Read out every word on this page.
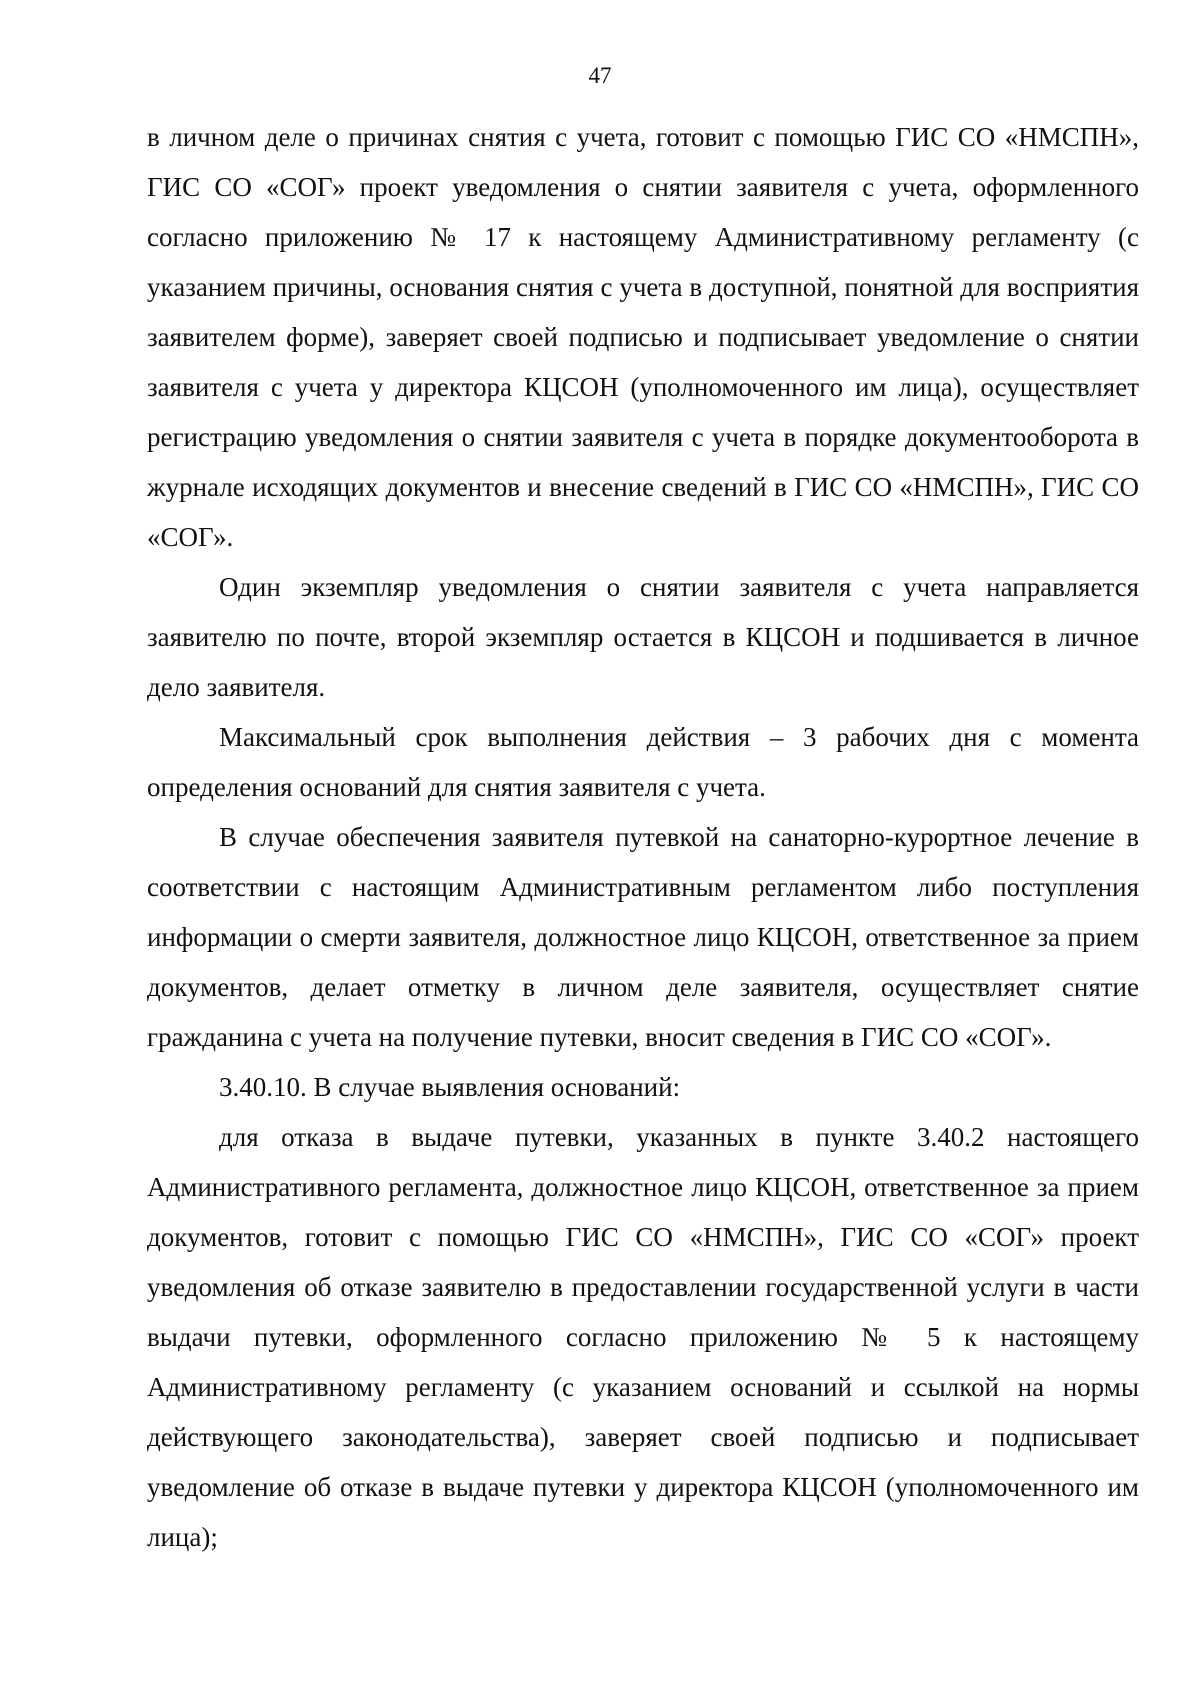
47

в личном деле о причинах снятия с учета, готовит с помощью ГИС СО «НМСПН», ГИС СО «СОГ» проект уведомления о снятии заявителя с учета, оформленного согласно приложению № 17 к настоящему Административному регламенту (с указанием причины, основания снятия с учета в доступной, понятной для восприятия заявителем форме), заверяет своей подписью и подписывает уведомление о снятии заявителя с учета у директора КЦСОН (уполномоченного им лица), осуществляет регистрацию уведомления о снятии заявителя с учета в порядке документооборота в журнале исходящих документов и внесение сведений в ГИС СО «НМСПН», ГИС СО «СОГ».

Один экземпляр уведомления о снятии заявителя с учета направляется заявителю по почте, второй экземпляр остается в КЦСОН и подшивается в личное дело заявителя.

Максимальный срок выполнения действия – 3 рабочих дня с момента определения оснований для снятия заявителя с учета.

В случае обеспечения заявителя путевкой на санаторно-курортное лечение в соответствии с настоящим Административным регламентом либо поступления информации о смерти заявителя, должностное лицо КЦСОН, ответственное за прием документов, делает отметку в личном деле заявителя, осуществляет снятие гражданина с учета на получение путевки, вносит сведения в ГИС СО «СОГ».

3.40.10. В случае выявления оснований:

для отказа в выдаче путевки, указанных в пункте 3.40.2 настоящего Административного регламента, должностное лицо КЦСОН, ответственное за прием документов, готовит с помощью ГИС СО «НМСПН», ГИС СО «СОГ» проект уведомления об отказе заявителю в предоставлении государственной услуги в части выдачи путевки, оформленного согласно приложению № 5 к настоящему Административному регламенту (с указанием оснований и ссылкой на нормы действующего законодательства), заверяет своей подписью и подписывает уведомление об отказе в выдаче путевки у директора КЦСОН (уполномоченного им лица);
